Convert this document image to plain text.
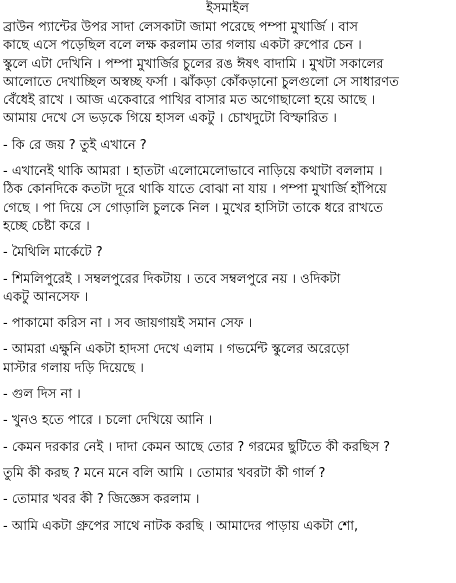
ইসমাইল
ব্রাউন প্যান্টের উপর সাদা লেসকাটা জামা পরেছে পম্পা মুখার্জি । বাস
কাছে এসে পড়েছিল বলে লক্ষ করলাম তার গলায় একটা রুপোর চেন ।
স্কুলে এটা দেখিনি । পম্পা মুখার্জির চুলের রঙ ঈষৎ বাদামি । মুখটা সকালের
আলোতে দেখাচ্ছিল অস্বচ্ছ ফর্সা । ঝাঁকড়া কোঁকড়ানো চুলগুলো সে সাধারণত
বেঁধেই রাখে । আজ একেবারে পাখির বাসার মত অগোছালো হয়ে আছে ।
আমায় দেখে সে ভড়কে গিয়ে হাসল একটু । চোখদুটো বিস্ফারিত ।
- কি রে জয় ? তুই এখানে ?
- এখানেই থাকি আমরা । হাতটা এলোমেলোভাবে নাড়িয়ে কথাটা বললাম ।
ঠিক কোনদিকে কতটা দূরে থাকি যাতে বোঝা না যায় । পম্পা মুখার্জি হাঁপিয়ে
গেছে । পা দিয়ে সে গোড়ালি চুলকে নিল । মুখের হাসিটা তাকে ধরে রাখতে
হচ্ছে চেষ্টা করে ।
- মৈথিলি মার্কেটে ?
- শিমলিপুরেই । সম্বলপুরের দিকটায় । তবে সম্বলপুরে নয় । ওদিকটা
একটু আনসেফ ।
- পাকামো করিস না । সব জায়গায়ই সমান সেফ ।
- আমরা এক্ষুনি একটা হাদসা দেখে এলাম । গভর্মেন্ট স্কুলের অরেড়ো
মাস্টার গলায় দড়ি দিয়েছে ।
- গুল দিস না ।
- খুনও হতে পারে । চলো দেখিয়ে আনি ।
- কেমন দরকার নেই । দাদা কেমন আছে তোর ? গরমের ছুটিতে কী করছিস ?
তুমি কী করছ ? মনে মনে বলি আমি । তোমার খবরটা কী গার্ল ?
- তোমার খবর কী ? জিজ্ঞেস করলাম ।
- আমি একটা গ্রুপের সাথে নাটক করছি । আমাদের পাড়ায় একটা শো,
